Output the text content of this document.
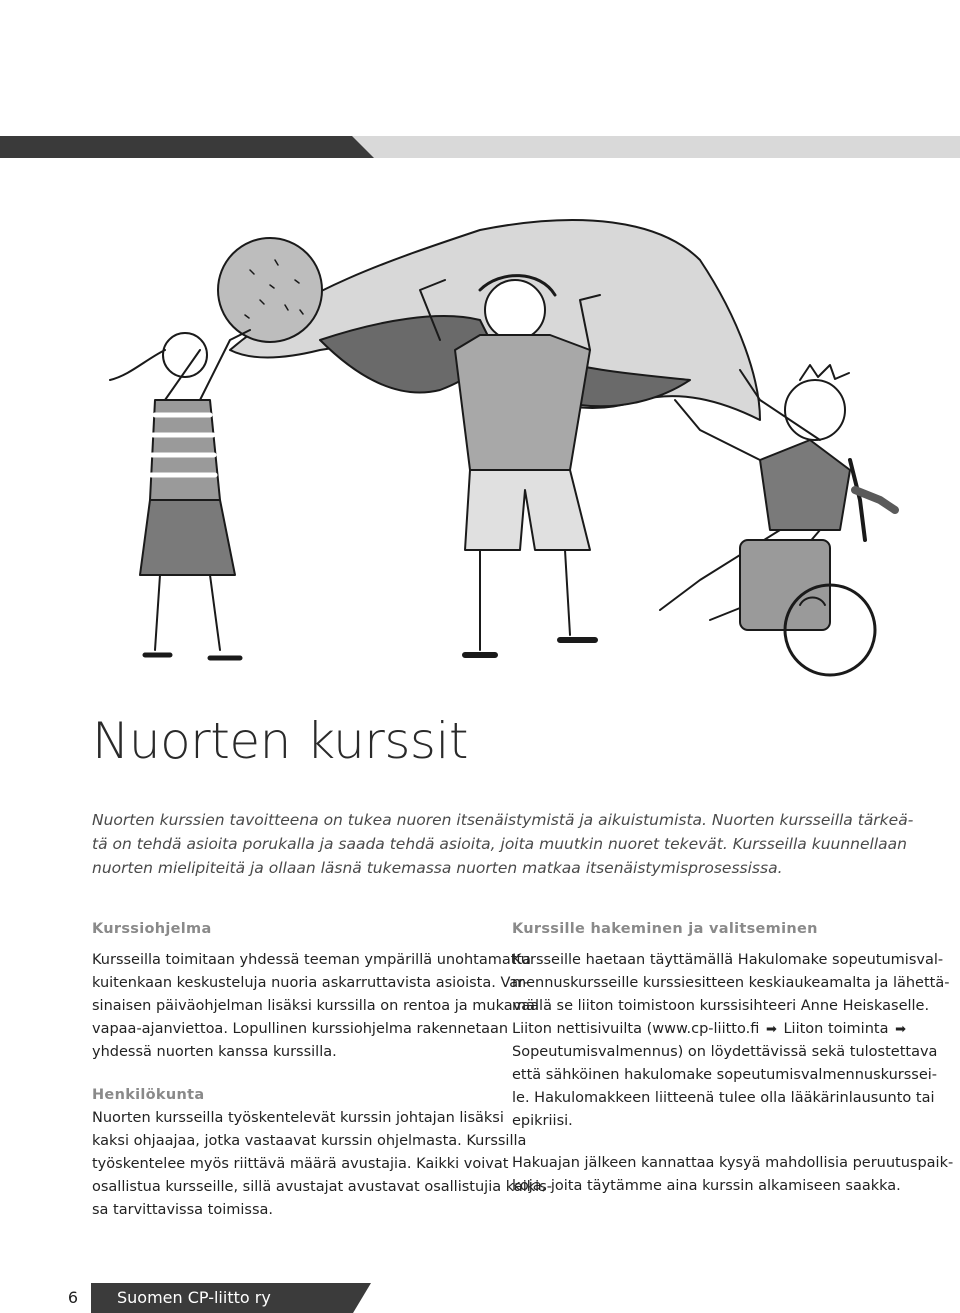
Nuorten kurssit

Nuorten kurssien tavoitteena on tukea nuoren itsenäistymistä ja aikuistumista. Nuorten kursseilla tärkeä-

tä on tehdä asioita porukalla ja saada tehdä asioita, joita muutkin nuoret tekevät. Kursseilla kuunnellaan

nuorten mielipiteitä ja ollaan läsnä tukemassa nuorten matkaa itsenäistymisprosessissa.

Kurssiohjelma
Kursseilla toimitaan yhdessä teeman ympärillä unohtamatta
kuitenkaan keskusteluja nuoria askarruttavista asioista. Var-
sinaisen päiväohjelman lisäksi kurssilla on rentoa ja mukavaa
vapaa-ajanviettoa. Lopullinen kurssiohjelma rakennetaan
yhdessä nuorten kanssa kurssilla.
Henkilökunta
Nuorten kursseilla työskentelevät kurssin johtajan lisäksi
kaksi ohjaajaa, jotka vastaavat kurssin ohjelmasta. Kurssilla
työskentelee myös riittävä määrä avustajia. Kaikki voivat
osallistua kursseille, sillä avustajat avustavat osallistujia kaikis-
sa tarvittavissa toimissa.
Kurssille hakeminen ja valitseminen
Kursseille haetaan täyttämällä Hakulomake sopeutumisval-
mennuskursseille kurssiesitteen keskiaukeamalta ja lähettä-
mällä se liiton toimistoon kurssisihteeri Anne Heiskaselle.
Liiton nettisivuilta (www.cp-liitto.fi ➡ Liiton toiminta ➡
Sopeutumisvalmennus) on löydettävissä sekä tulostettava
että sähköinen hakulomake sopeutumisvalmennuskurssei-
le. Hakulomakkeen liitteenä tulee olla lääkärinlausunto tai
epikriisi.
Hakuajan jälkeen kannattaa kysyä mahdollisia peruutuspaik-
koja, joita täytämme aina kurssin alkamiseen saakka.
6	Suomen CP-liitto ry
